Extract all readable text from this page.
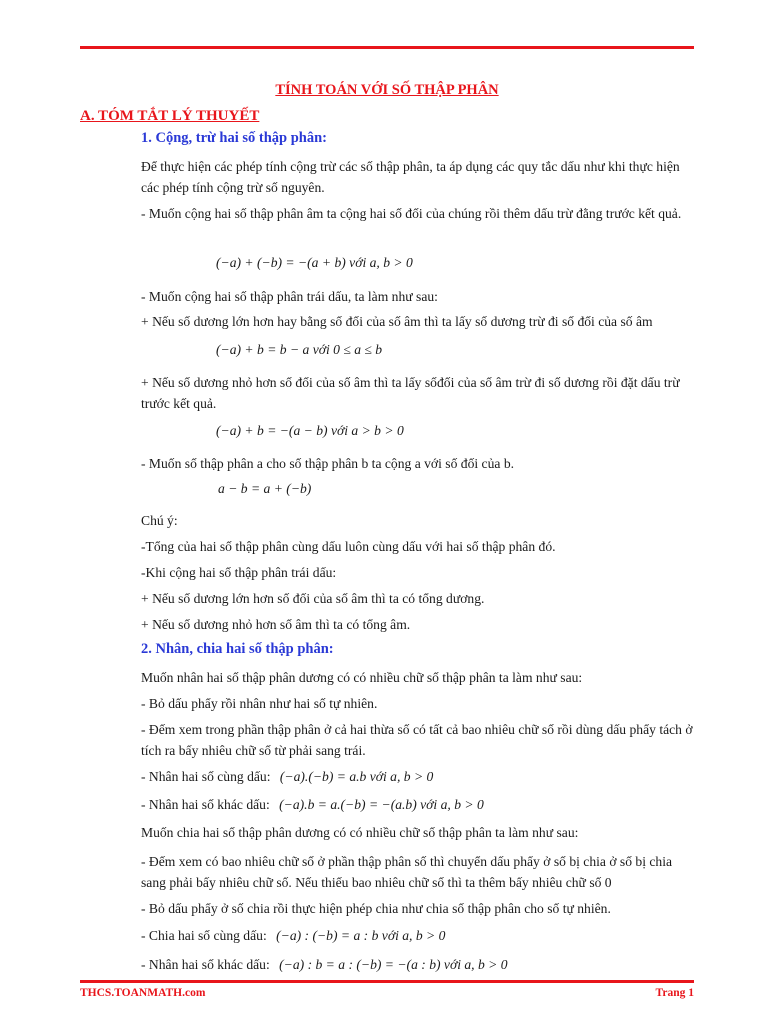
TÍNH TOÁN VỚI SỐ THẬP PHÂN
A. TÓM TẮT LÝ THUYẾT
1. Cộng, trừ hai số thập phân:
Để thực hiện các phép tính cộng trừ các số thập phân, ta áp dụng các quy tắc dấu như khi thực hiện các phép tính cộng trừ số nguyên.
- Muốn cộng hai số thập phân âm ta cộng hai số đối của chúng rồi thêm dấu trừ đằng trước kết quả.
(−a) + (−b) = −(a + b) với a, b > 0
- Muốn cộng hai số thập phân trái dấu, ta làm như sau:
+ Nếu số dương lớn hơn hay bằng số đối của số âm thì ta lấy số dương trừ đi số đối của số âm
(−a) + b = b − a với 0 ≤ a ≤ b
+ Nếu số dương nhỏ hơn số đối của số âm thì ta lấy sốđối của số âm trừ đi số dương rồi đặt dấu trừ trước kết quả.
(−a) + b = −(a − b) với a > b > 0
- Muốn số thập phân a cho số thập phân b ta cộng a với số đối của b.
a − b = a + (−b)
Chú ý:
-Tổng của hai số thập phân cùng dấu luôn cùng dấu với hai số thập phân đó.
-Khi cộng hai số thập phân trái dấu:
+ Nếu số dương lớn hơn số đối của số âm thì ta có tổng dương.
+ Nếu số dương nhỏ hơn số âm thì ta có tổng âm.
2. Nhân, chia hai số thập phân:
Muốn nhân hai số thập phân dương có có nhiều chữ số thập phân ta làm như sau:
- Bỏ dấu phẩy rồi nhân như hai số tự nhiên.
- Đếm xem trong phần thập phân ở cả hai thừa số có tất cả bao nhiêu chữ số rồi dùng dấu phẩy tách ở tích ra bấy nhiêu chữ số từ phải sang trái.
- Nhân hai số cùng dấu: (−a).(−b) = a.b với a, b > 0
- Nhân hai số khác dấu: (−a).b = a.(−b) = −(a.b) với a, b > 0
Muốn chia hai số thập phân dương có có nhiều chữ số thập phân ta làm như sau:
- Đếm xem có bao nhiêu chữ số ở phần thập phân số thì chuyển dấu phẩy ở số bị chia ở số bị chia sang phải bấy nhiêu chữ số. Nếu thiếu bao nhiêu chữ số thì ta thêm bấy nhiêu chữ số 0
- Bỏ dấu phẩy ở số chia rồi thực hiện phép chia như chia số thập phân cho số tự nhiên.
- Chia hai số cùng dấu: (−a) : (−b) = a : b với a, b > 0
- Nhân hai số khác dấu: (−a) : b = a : (−b) = −(a : b) với a, b > 0
THCS.TOANMATH.com	Trang 1
